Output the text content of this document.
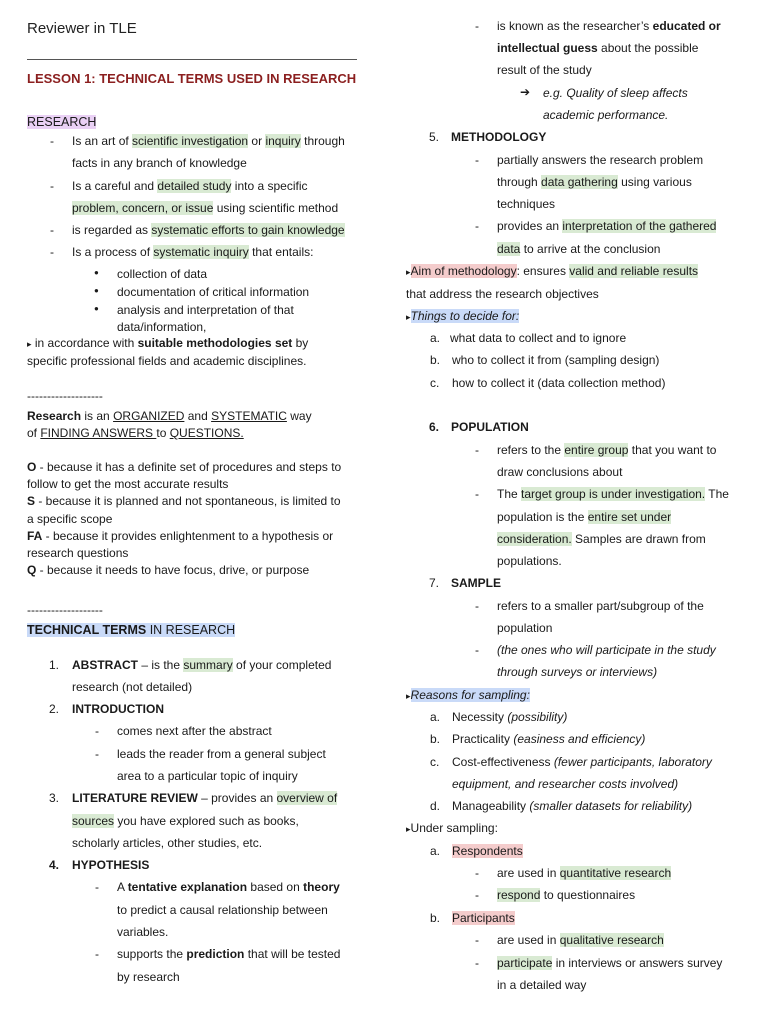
Reviewer in TLE
LESSON 1: TECHNICAL TERMS USED IN RESEARCH
RESEARCH
- Is an art of scientific investigation or inquiry through
facts in any branch of knowledge
- Is a careful and detailed study into a specific
problem, concern, or issue using scientific method
- is regarded as systematic efforts to gain knowledge
- Is a process of systematic inquiry that entails:
● collection of data
● documentation of critical information
● analysis and interpretation of that
data/information,
▸ in accordance with suitable methodologies set by
specific professional fields and academic disciplines.
-------------------
Research is an ORGANIZED and SYSTEMATIC way
of FINDING ANSWERS to QUESTIONS.
O - because it has a definite set of procedures and steps to
follow to get the most accurate results
S - because it is planned and not spontaneous, is limited to
a specific scope
FA - because it provides enlightenment to a hypothesis or
research questions
Q - because it needs to have focus, drive, or purpose
-------------------
TECHNICAL TERMS IN RESEARCH
1. ABSTRACT – is the summary of your completed
research (not detailed)
2. INTRODUCTION
- comes next after the abstract
- leads the reader from a general subject
area to a particular topic of inquiry
3. LITERATURE REVIEW – provides an overview of
sources you have explored such as books,
scholarly articles, other studies, etc.
4. HYPOTHESIS
- A tentative explanation based on theory
to predict a causal relationship between
variables.
- supports the prediction that will be tested
by research
- is known as the researcher’s educated or
intellectual guess about the possible
result of the study
➔ e.g. Quality of sleep affects
academic performance.
5. METHODOLOGY
- partially answers the research problem
through data gathering using various
techniques
- provides an interpretation of the gathered
data to arrive at the conclusion
▸Aim of methodology: ensures valid and reliable results
that address the research objectives
▸Things to decide for:
a. what data to collect and to ignore
b. who to collect it from (sampling design)
c. how to collect it (data collection method)
6. POPULATION
- refers to the entire group that you want to
draw conclusions about
- The target group is under investigation. The
population is the entire set under
consideration. Samples are drawn from
populations.
7. SAMPLE
- refers to a smaller part/subgroup of the
population
- (the ones who will participate in the study
through surveys or interviews)
▸Reasons for sampling:
a. Necessity (possibility)
b. Practicality (easiness and efficiency)
c. Cost-effectiveness (fewer participants, laboratory
equipment, and researcher costs involved)
d. Manageability (smaller datasets for reliability)
▸Under sampling:
a. Respondents
- are used in quantitative research
- respond to questionnaires
b. Participants
- are used in qualitative research
- participate in interviews or answers survey
in a detailed way
